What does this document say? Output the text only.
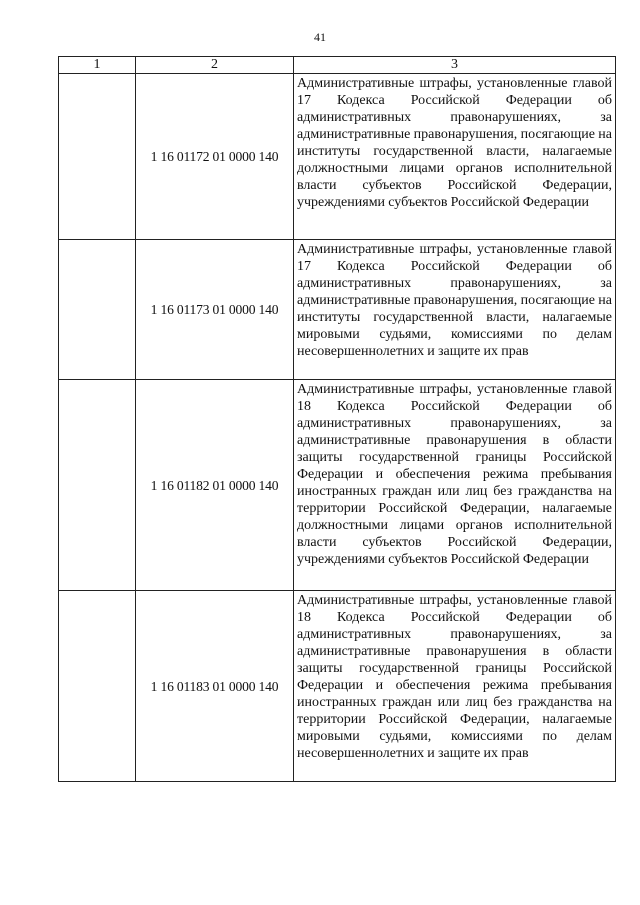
41
1	2	3
	1 16 01172 01 0000 140	Административные штрафы, установленные главой 17 Кодекса Российской Федерации об административных правонарушениях, за административные правонарушения, посягающие на институты государственной власти, налагаемые должностными лицами органов исполнительной власти субъектов Российской Федерации, учреждениями субъектов Российской Федерации
	1 16 01173 01 0000 140	Административные штрафы, установленные главой 17 Кодекса Российской Федерации об административных правонарушениях, за административные правонарушения, посягающие на институты государственной власти, налагаемые мировыми судьями, комиссиями по делам несовершеннолетних и защите их прав
	1 16 01182 01 0000 140	Административные штрафы, установленные главой 18 Кодекса Российской Федерации об административных правонарушениях, за административные правонарушения в области защиты государственной границы Российской Федерации и обеспечения режима пребывания иностранных граждан или лиц без гражданства на территории Российской Федерации, налагаемые должностными лицами органов исполнительной власти субъектов Российской Федерации, учреждениями субъектов Российской Федерации
	1 16 01183 01 0000 140	Административные штрафы, установленные главой 18 Кодекса Российской Федерации об административных правонарушениях, за административные правонарушения в области защиты государственной границы Российской Федерации и обеспечения режима пребывания иностранных граждан или лиц без гражданства на территории Российской Федерации, налагаемые мировыми судьями, комиссиями по делам несовершеннолетних и защите их прав
